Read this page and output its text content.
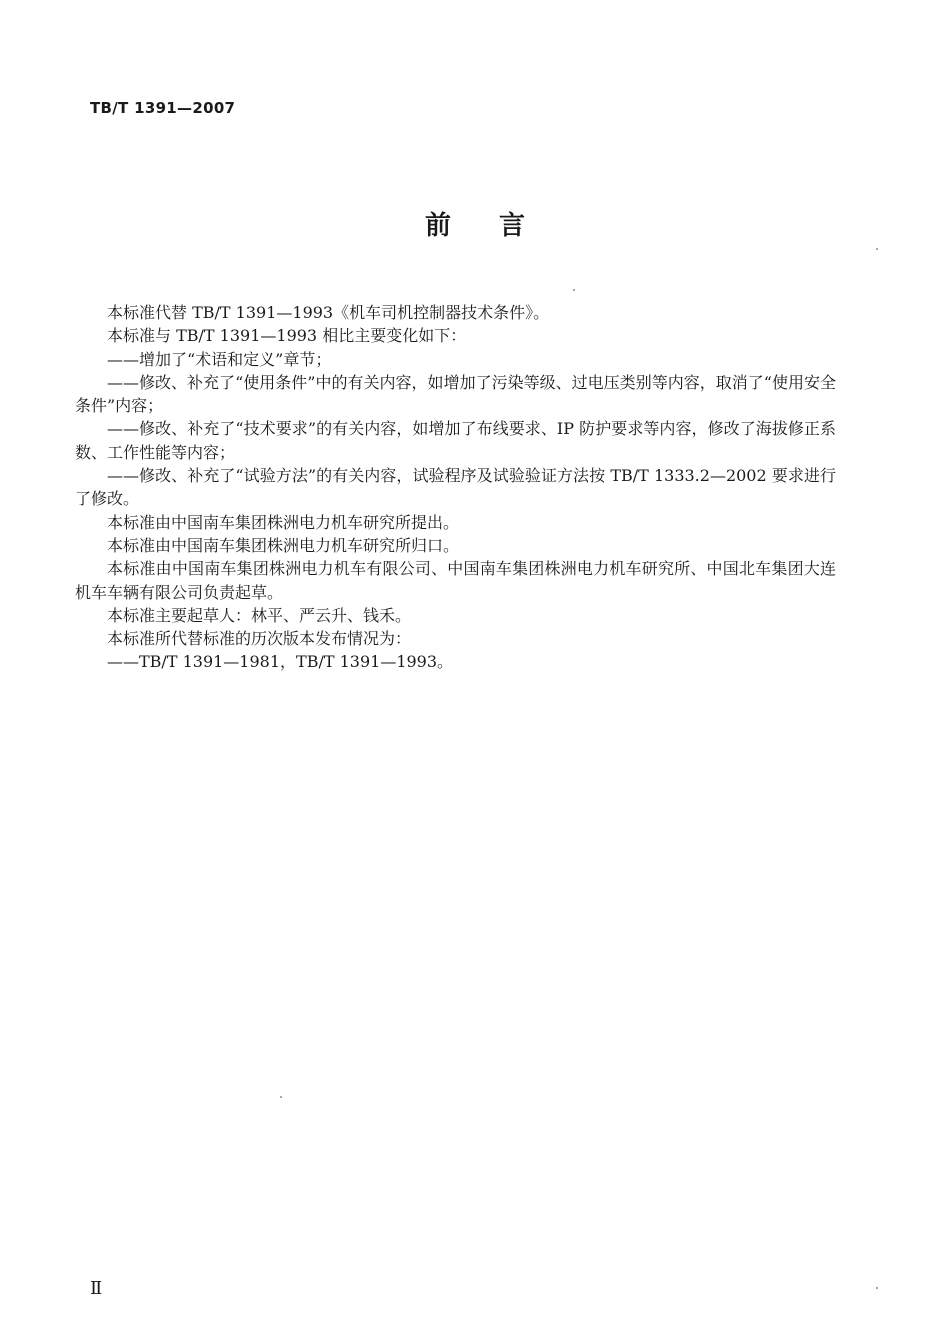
TB/T 1391—2007
前言

本标准代替 TB/T 1391—1993《机车司机控制器技术条件》。

本标准与 TB/T 1391—1993 相比主要变化如下：

——增加了“术语和定义”章节；

——修改、补充了“使用条件”中的有关内容，如增加了污染等级、过电压类别等内容，取消了“使用安全条件”内容；

——修改、补充了“技术要求”的有关内容，如增加了布线要求、IP 防护要求等内容，修改了海拔修正系数、工作性能等内容；

——修改、补充了“试验方法”的有关内容，试验程序及试验验证方法按 TB/T 1333.2—2002 要求进行了修改。

本标准由中国南车集团株洲电力机车研究所提出。

本标准由中国南车集团株洲电力机车研究所归口。

本标准由中国南车集团株洲电力机车有限公司、中国南车集团株洲电力机车研究所、中国北车集团大连机车车辆有限公司负责起草。

本标准主要起草人：林平、严云升、钱禾。

本标准所代替标准的历次版本发布情况为：

——TB/T 1391—1981，TB/T 1391—1993。

Ⅱ
